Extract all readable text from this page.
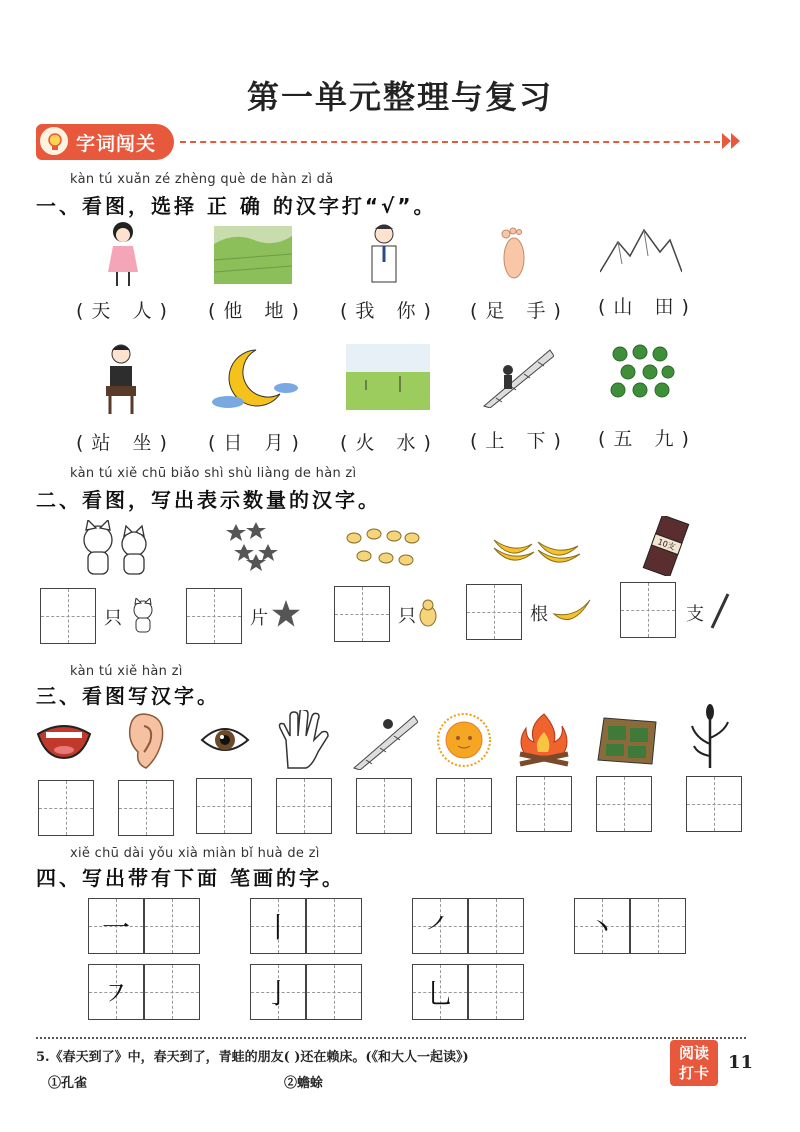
第一单元整理与复习
字词闯关
kàn tú xuǎn zé zhèng què de hàn zì dǎ
一、看图，选择 正 确 的汉字打“√”。
(天 人) (他 地) (我 你) (足 手) (山 田)
(站 坐) (日 月) (火 水) (上 下) (五 九)
kàn tú xiě chū biǎo shì shù liàng de hàn zì
二、看图，写出表示数量的汉字。
10支
只	片	只	根	支
kàn tú xiě hàn zì
三、看图写汉字。
xiě chū dài yǒu xià miàn bǐ huà de zì
四、写出带有下面 笔画的字。
一	丨	㇒	丶
㇇	亅	乚
5.《春天到了》中，春天到了，青蛙的朋友( )还在赖床。(《和大人一起读》)
①孔雀	②蟾蜍
阅读
打卡	11
